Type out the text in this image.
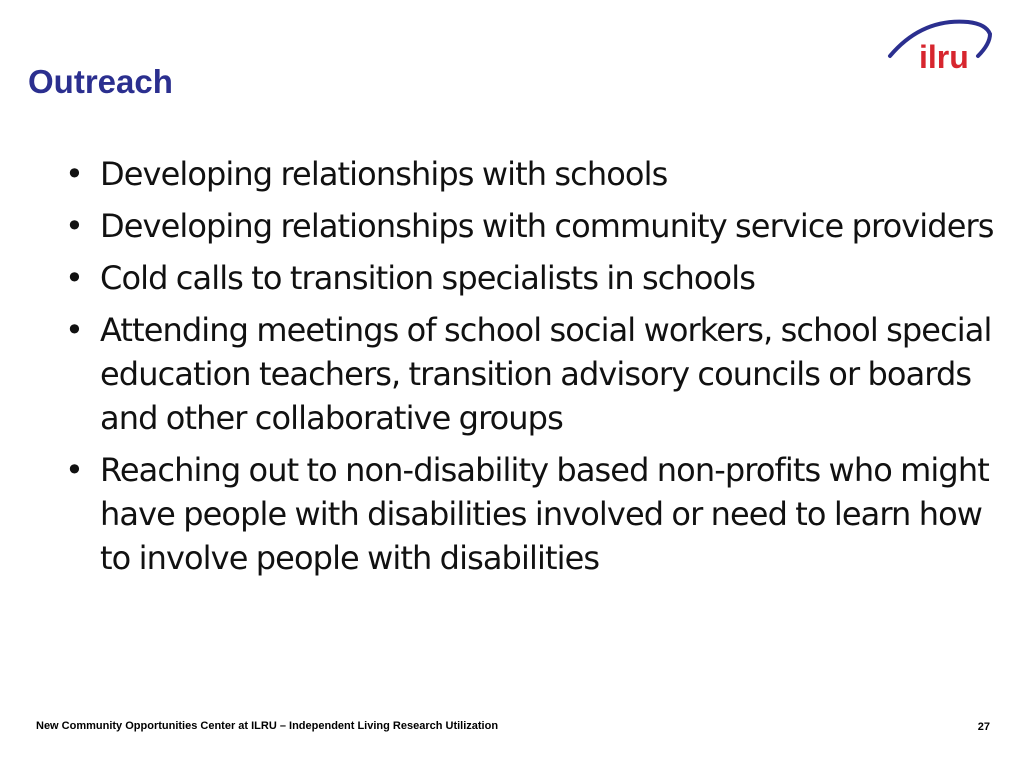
Outreach
ilru
• Developing relationships with schools
• Developing relationships with community service providers
• Cold calls to transition specialists in schools
• Attending meetings of school social workers, school special education teachers, transition advisory councils or boards and other collaborative groups
• Reaching out to non-disability based non-profits who might have people with disabilities involved or need to learn how to involve people with disabilities
New Community Opportunities Center at ILRU – Independent Living Research Utilization	27
